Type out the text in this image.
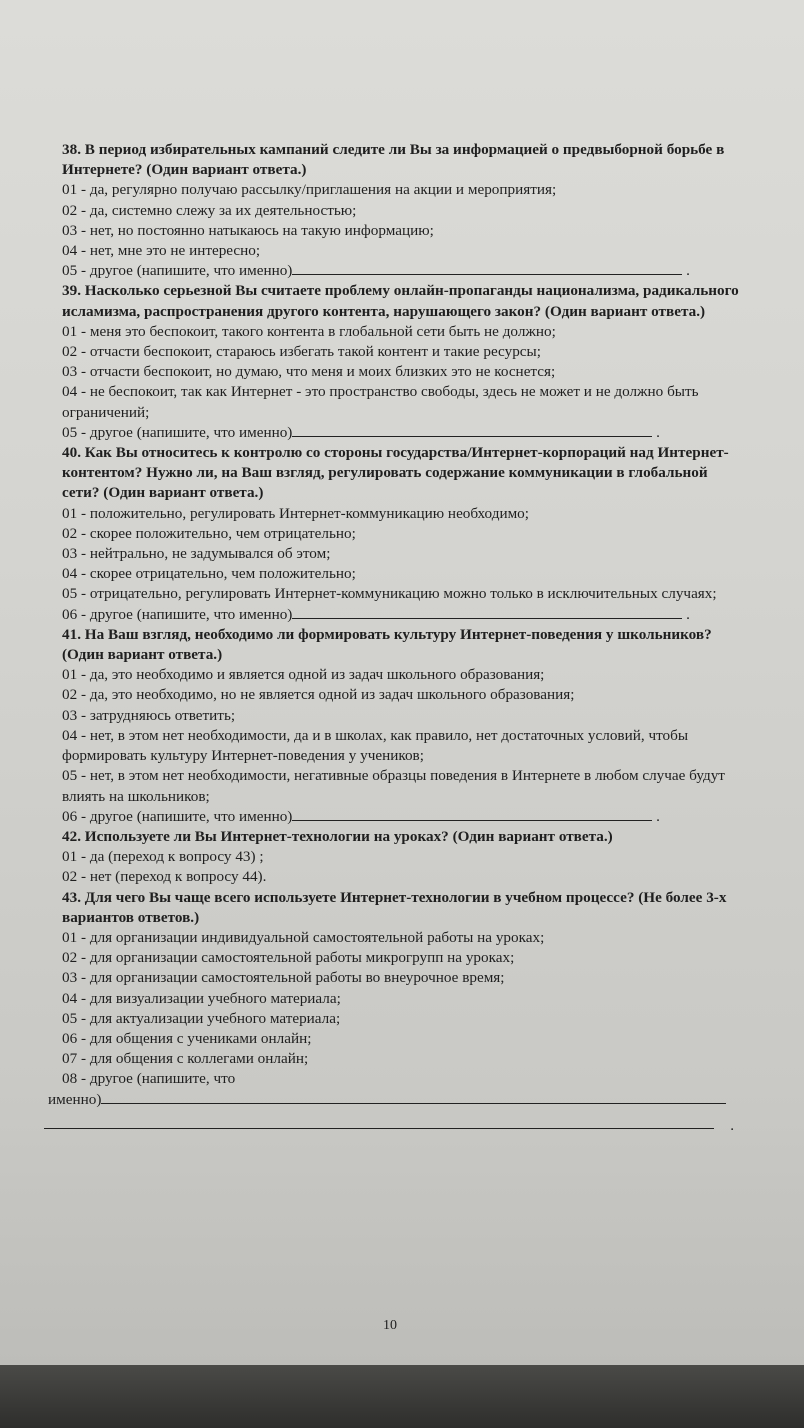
38. В период избирательных кампаний следите ли Вы за информацией о предвыборной борьбе в Интернете? (Один вариант ответа.)
01 - да, регулярно получаю рассылку/приглашения на акции и мероприятия;
02 - да, системно слежу за их деятельностью;
03 - нет, но постоянно натыкаюсь на такую информацию;
04 - нет, мне это не интересно;
05 - другое (напишите, что именно)	.
39. Насколько серьезной Вы считаете проблему онлайн-пропаганды национализма, радикального исламизма, распространения другого контента, нарушающего закон? (Один вариант ответа.)
01 - меня это беспокоит, такого контента в глобальной сети быть не должно;
02 - отчасти беспокоит, стараюсь избегать такой контент и такие ресурсы;
03 - отчасти беспокоит, но думаю, что меня и моих близких это не коснется;
04 - не беспокоит, так как Интернет - это пространство свободы, здесь не может и не должно быть ограничений;
05 - другое (напишите, что именно)	.
40. Как Вы относитесь к контролю со стороны государства/Интернет-корпораций над Интернет-контентом? Нужно ли, на Ваш взгляд, регулировать содержание коммуникации в глобальной сети? (Один вариант ответа.)
01 - положительно, регулировать Интернет-коммуникацию необходимо;
02 - скорее положительно, чем отрицательно;
03 - нейтрально, не задумывался об этом;
04 - скорее отрицательно, чем положительно;
05 - отрицательно, регулировать Интернет-коммуникацию можно только в исключительных случаях;
06 - другое (напишите, что именно)	.
41. На Ваш взгляд, необходимо ли формировать культуру Интернет-поведения у школьников? (Один вариант ответа.)
01 - да, это необходимо и является одной из задач школьного образования;
02 - да, это необходимо, но не является одной из задач школьного образования;
03 - затрудняюсь ответить;
04 - нет, в этом нет необходимости, да и в школах, как правило, нет достаточных условий, чтобы формировать культуру Интернет-поведения у учеников;
05 - нет, в этом нет необходимости, негативные образцы поведения в Интернете в любом случае будут влиять на школьников;
06 - другое (напишите, что именно)	.
42. Используете ли Вы Интернет-технологии на уроках? (Один вариант ответа.)
01 - да (переход к вопросу 43) ;
02 - нет (переход к вопросу 44).
43. Для чего Вы чаще всего используете Интернет-технологии в учебном процессе? (Не более 3-х вариантов ответов.)
01 - для организации индивидуальной самостоятельной работы на уроках;
02 - для организации самостоятельной работы микрогрупп на уроках;
03 - для организации самостоятельной работы во внеурочное время;
04 - для визуализации учебного материала;
05 - для актуализации учебного материала;
06 - для общения с учениками онлайн;
07 - для общения с коллегами онлайн;
08 - другое (напишите, что
именно)
.
10
